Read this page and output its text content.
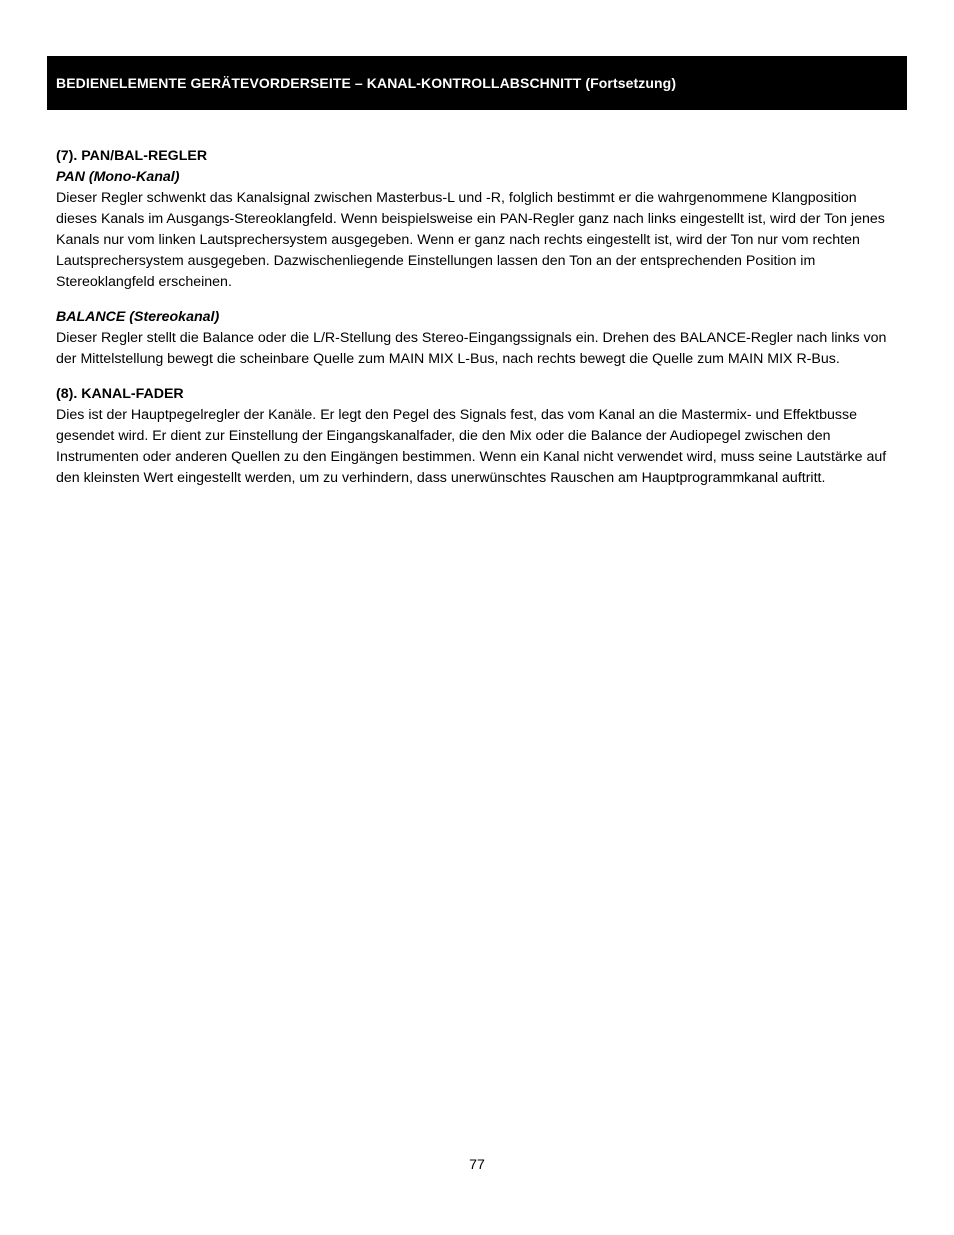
BEDIENELEMENTE GERÄTEVORDERSEITE – KANAL-KONTROLLABSCHNITT (Fortsetzung)

(7). PAN/BAL-REGLER

PAN (Mono-Kanal)

Dieser Regler schwenkt das Kanalsignal zwischen Masterbus-L und -R, folglich bestimmt er die wahrgenommene Klangposition dieses Kanals im Ausgangs-Stereoklangfeld. Wenn beispielsweise ein PAN-Regler ganz nach links eingestellt ist, wird der Ton jenes Kanals nur vom linken Lautsprechersystem ausgegeben. Wenn er ganz nach rechts eingestellt ist, wird der Ton nur vom rechten Lautsprechersystem ausgegeben. Dazwischenliegende Einstellungen lassen den Ton an der entsprechenden Position im Stereoklangfeld erscheinen.

BALANCE (Stereokanal)

Dieser Regler stellt die Balance oder die L/R-Stellung des Stereo-Eingangssignals ein. Drehen des BALANCE-Regler nach links von der Mittelstellung bewegt die scheinbare Quelle zum MAIN MIX L-Bus, nach rechts bewegt die Quelle zum MAIN MIX R-Bus.

(8). KANAL-FADER

Dies ist der Hauptpegelregler der Kanäle. Er legt den Pegel des Signals fest, das vom Kanal an die Mastermix- und Effektbusse gesendet wird. Er dient zur Einstellung der Eingangskanalfader, die den Mix oder die Balance der Audiopegel zwischen den Instrumenten oder anderen Quellen zu den Eingängen bestimmen. Wenn ein Kanal nicht verwendet wird, muss seine Lautstärke auf den kleinsten Wert eingestellt werden, um zu verhindern, dass unerwünschtes Rauschen am Hauptprogrammkanal auftritt.

77
